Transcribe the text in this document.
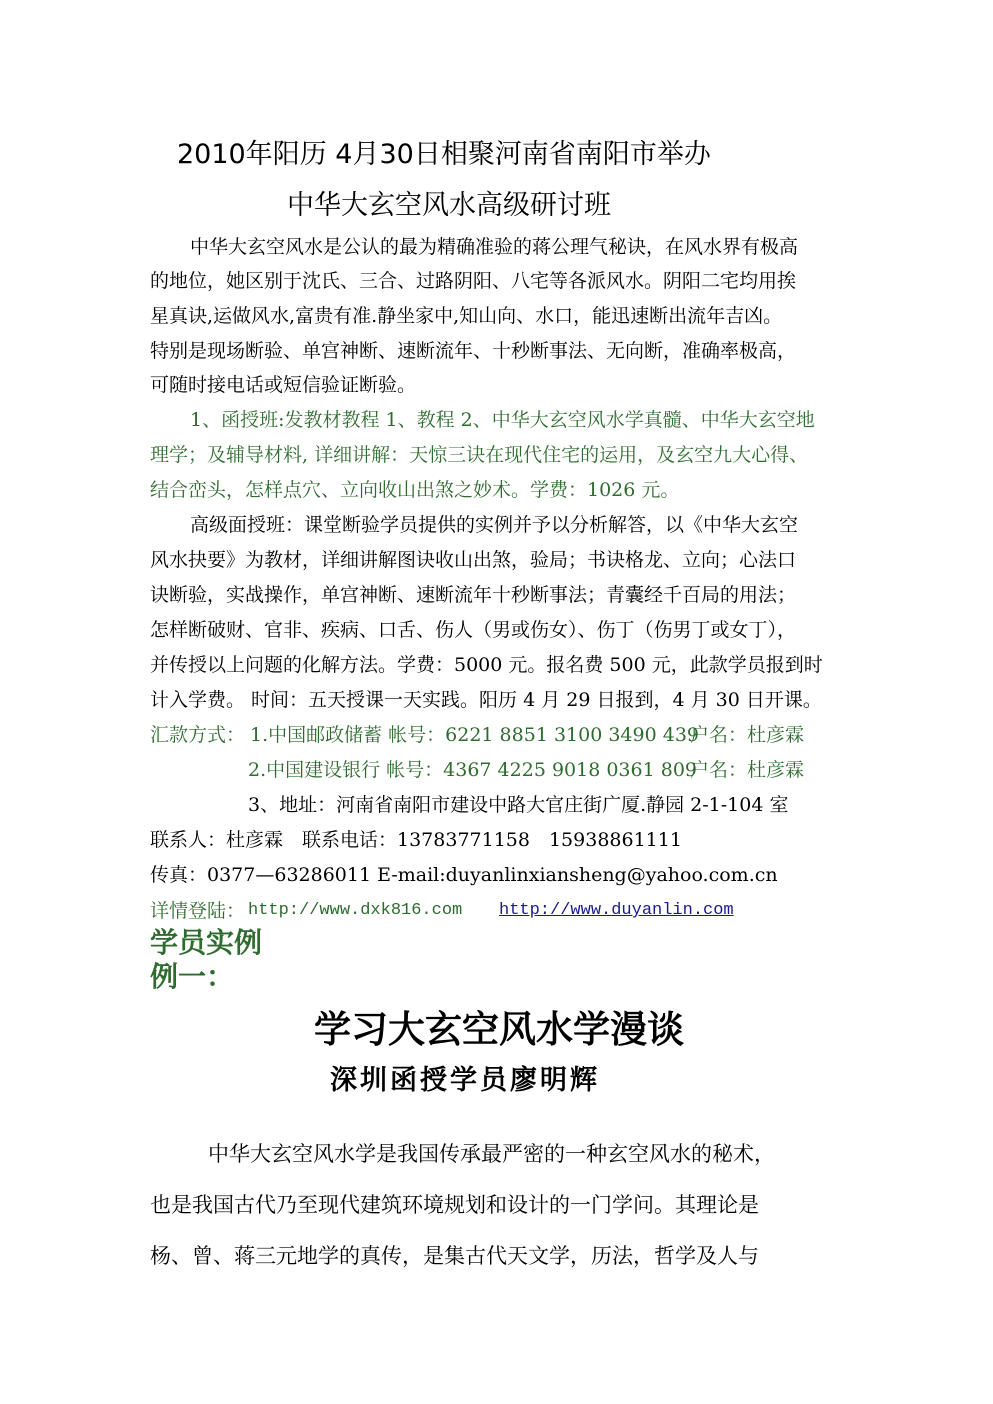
2010年阳历 4月30日相聚河南省南阳市举办
中华大玄空风水高级研讨班
中华大玄空风水是公认的最为精确准验的蒋公理气秘诀，在风水界有极高
的地位，她区别于沈氏、三合、过路阴阳、八宅等各派风水。阴阳二宅均用挨
星真诀,运做风水,富贵有准.静坐家中,知山向、水口，能迅速断出流年吉凶。
特别是现场断验、单宫神断、速断流年、十秒断事法、无向断，准确率极高，
可随时接电话或短信验证断验。
1、函授班:发教材教程 1、教程 2、中华大玄空风水学真髓、中华大玄空地
理学；及辅导材料, 详细讲解：天惊三诀在现代住宅的运用，及玄空九大心得、
结合峦头，怎样点穴、立向收山出煞之妙术。学费：1026 元。
高级面授班：课堂断验学员提供的实例并予以分析解答，以《中华大玄空
风水抉要》为教材，详细讲解图诀收山出煞，验局；书诀格龙、立向；心法口
诀断验，实战操作，单宫神断、速断流年十秒断事法；青囊经千百局的用法；
怎样断破财、官非、疾病、口舌、伤人（男或伤女）、伤丁（伤男丁或女丁），
并传授以上问题的化解方法。学费：5000 元。报名费 500 元，此款学员报到时
计入学费。 时间：五天授课一天实践。阳历 4 月 29 日报到，4 月 30 日开课。
汇款方式： 1.中国邮政储蓄 帐号：6221 8851 3100 3490 439
户名：杜彦霖
2.中国建设银行 帐号：4367 4225 9018 0361 809
户名：杜彦霖
3、地址：河南省南阳市建设中路大官庄街广厦.静园 2-1-104 室
联系人：杜彦霖　联系电话：13783771158　15938861111
传真：0377—63286011 E-mail:duyanlinxiansheng@yahoo.com.cn
详情登陆： http://www.dxk816.com http://www.duyanlin.com
学员实例
例一：
学习大玄空风水学漫谈
深圳函授学员廖明辉
中华大玄空风水学是我国传承最严密的一种玄空风水的秘术，
也是我国古代乃至现代建筑环境规划和设计的一门学问。其理论是
杨、曾、蒋三元地学的真传，是集古代天文学，历法，哲学及人与
